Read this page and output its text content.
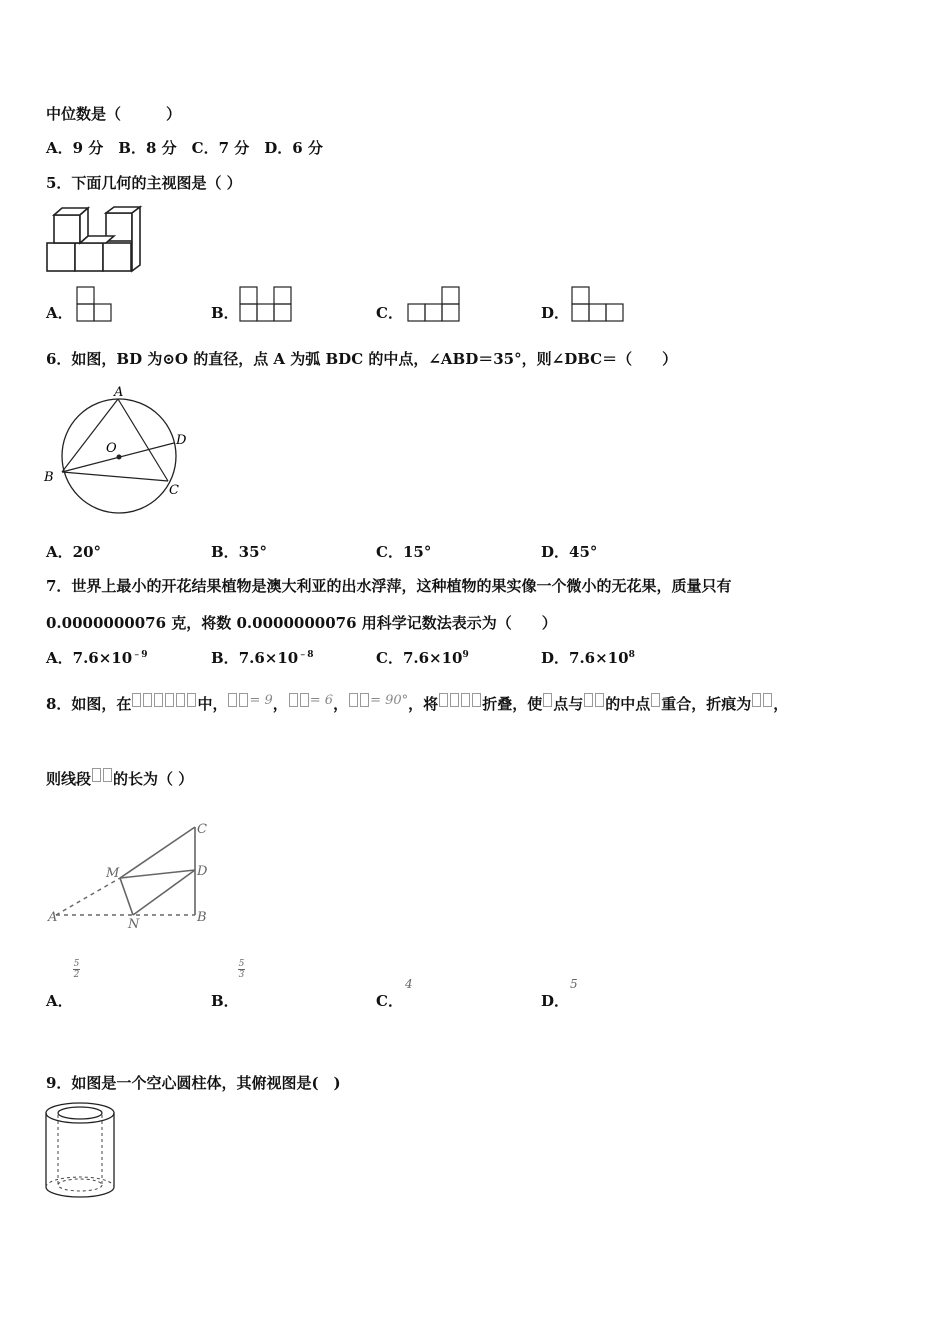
中位数是（　　　）
A．9 分　B．8 分　C．7 分　D．6 分
5．下面几何的主视图是（ ）
A．	B．	C．	D．
6．如图，BD 为⊙O 的直径，点 A 为弧 BDC 的中点，∠ABD＝35°，则∠DBC＝（　　）
A
D
O
B
C
A．20°	B．35°	C．15°	D．45°
7．世界上最小的开花结果植物是澳大利亚的出水浮萍，这种植物的果实像一个微小的无花果，质量只有
0.0000000076 克，将数 0.0000000076 用科学记数法表示为（　　）
A．$7.6\times 10^{﹣9}$	B．$7.6\times 10^{﹣8}$	C．$7.6\times 10^9$	D．$7.6\times 10^8$
8．如图，在	中， = 9， = 6， = 90°，将	折叠，使 点与 的中点 重合，折痕为 ，
则线段 的长为（ ）
C
D
B
M
N
A
A．
5
2
B．
5
3
C．
4
D．
5
9．如图是一个空心圆柱体，其俯视图是(　)
